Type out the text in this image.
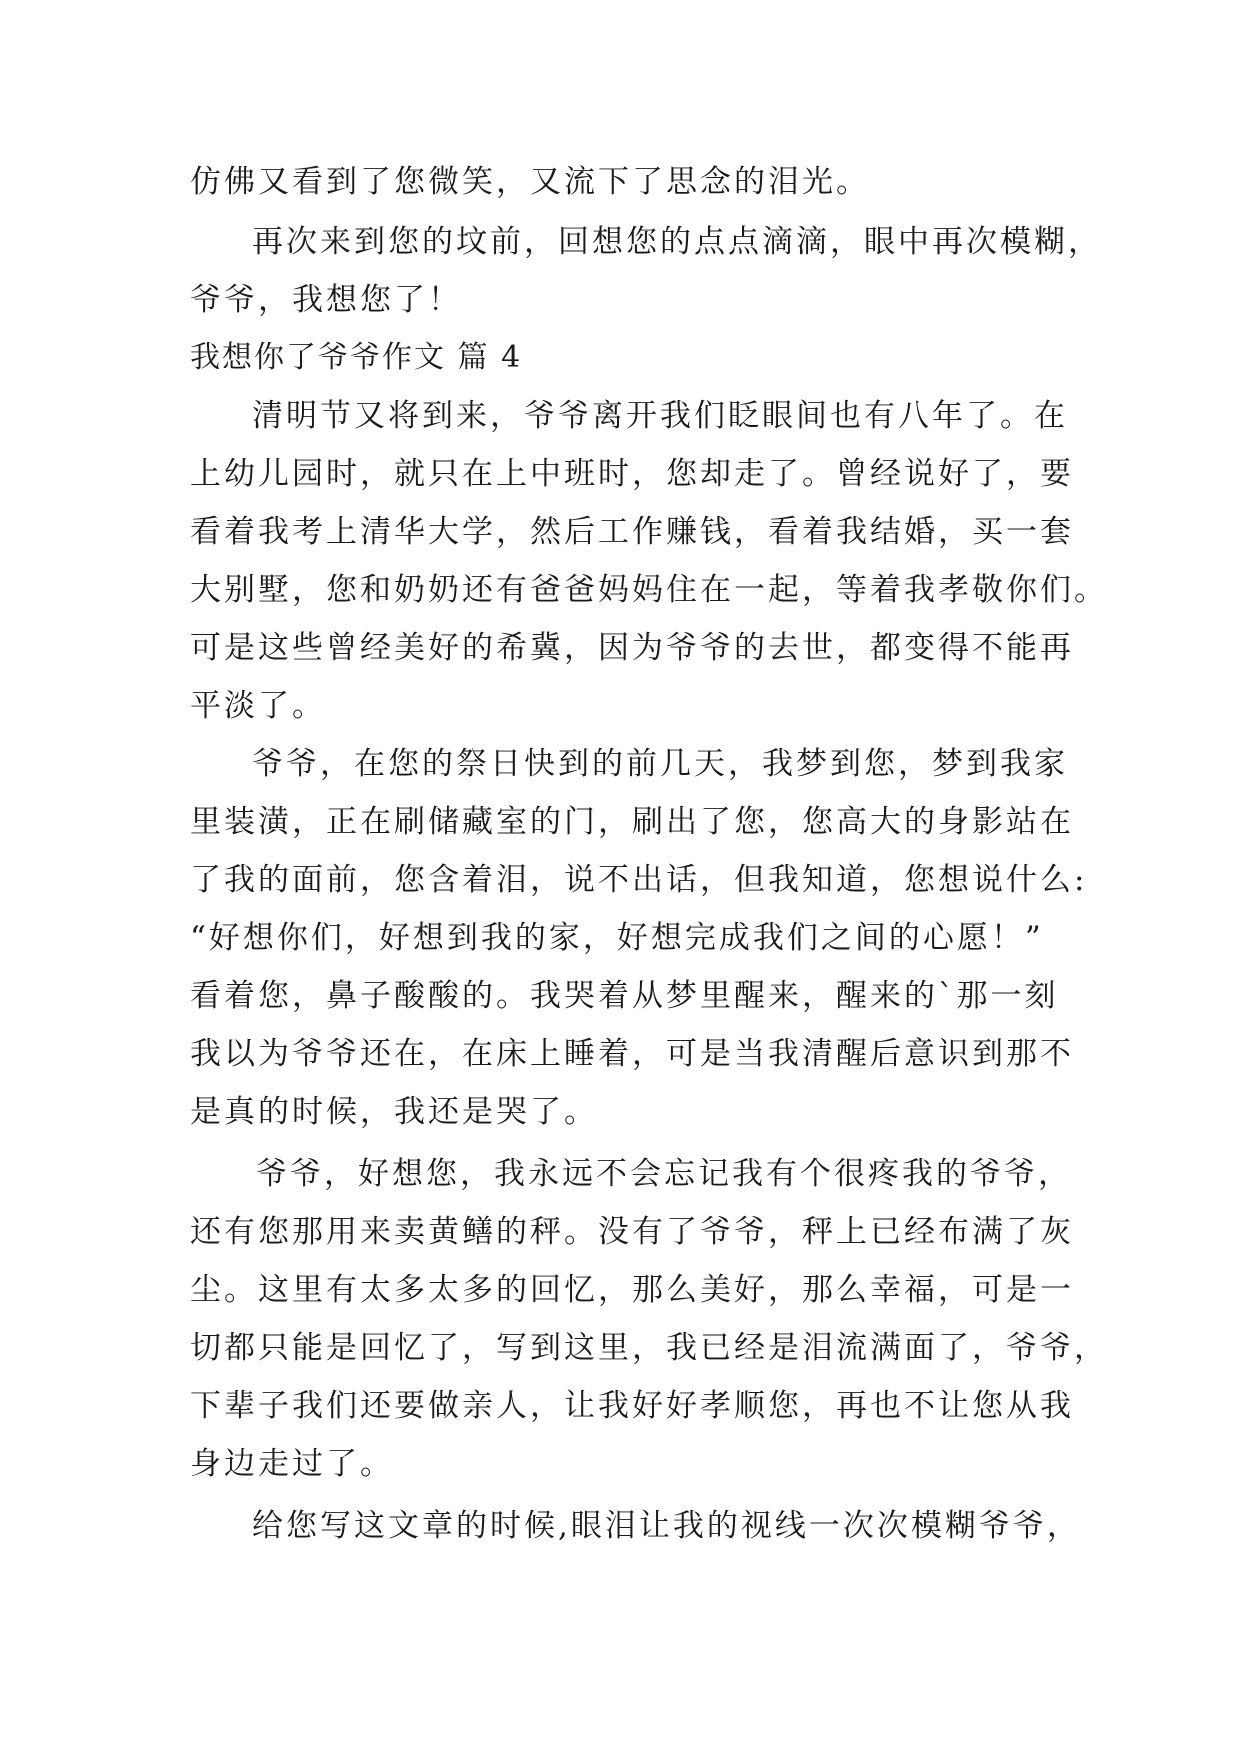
仿佛又看到了您微笑，又流下了思念的泪光。
再次来到您的坟前，回想您的点点滴滴，眼中再次模糊，
爷爷，我想您了！
我想你了爷爷作文 篇 4
清明节又将到来，爷爷离开我们眨眼间也有八年了。在
上幼儿园时，就只在上中班时，您却走了。曾经说好了，要
看着我考上清华大学，然后工作赚钱，看着我结婚，买一套
大别墅，您和奶奶还有爸爸妈妈住在一起，等着我孝敬你们。
可是这些曾经美好的希冀，因为爷爷的去世，都变得不能再
平淡了。
爷爷，在您的祭日快到的前几天，我梦到您，梦到我家
里装潢，正在刷储藏室的门，刷出了您，您高大的身影站在
了我的面前，您含着泪，说不出话，但我知道，您想说什么:
“好想你们，好想到我的家，好想完成我们之间的心愿！”
看着您，鼻子酸酸的。我哭着从梦里醒来，醒来的`那一刻
我以为爷爷还在，在床上睡着，可是当我清醒后意识到那不
是真的时候，我还是哭了。
爷爷，好想您，我永远不会忘记我有个很疼我的爷爷，
还有您那用来卖黄鳝的秤。没有了爷爷，秤上已经布满了灰
尘。这里有太多太多的回忆，那么美好，那么幸福，可是一
切都只能是回忆了，写到这里，我已经是泪流满面了，爷爷，
下辈子我们还要做亲人，让我好好孝顺您，再也不让您从我
身边走过了。
给您写这文章的时候,眼泪让我的视线一次次模糊爷爷，
